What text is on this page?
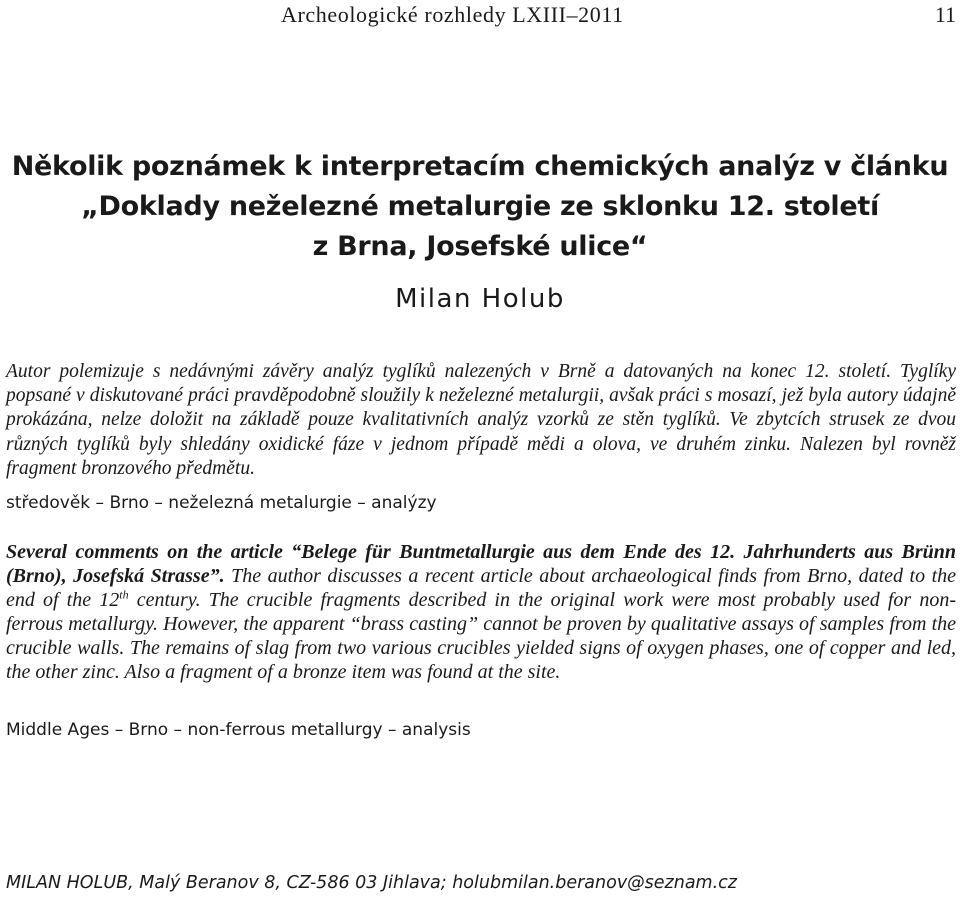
Archeologické rozhledy LXIII–2011	11
Několik poznámek k interpretacím chemických analýz v článku
„Doklady neželezné metalurgie ze sklonku 12. století
z Brna, Josefské ulice“
Milan Holub

Autor polemizuje s nedávnými závěry analýz tyglíků nalezených v Brně a datovaných na konec 12. století. Tyglíky popsané v diskutované práci pravděpodobně sloužily k neželezné metalurgii, avšak práci s mosazí, jež byla autory údajně prokázána, nelze doložit na základě pouze kvalitativních analýz vzorků ze stěn tyglíků. Ve zbytcích strusek ze dvou různých tyglíků byly shledány oxidické fáze v jednom případě mědi a olova, ve druhém zinku. Nalezen byl rovněž fragment bronzového předmětu.

středověk – Brno – neželezná metalurgie – analýzy

Several comments on the article “Belege für Buntmetallurgie aus dem Ende des 12. Jahrhunderts aus Brünn (Brno), Josefská Strasse”. The author discusses a recent article about archaeological finds from Brno, dated to the end of the 12th century. The crucible fragments described in the original work were most probably used for non-ferrous metallurgy. However, the apparent “brass casting” cannot be proven by qualitative assays of samples from the crucible walls. The remains of slag from two various crucibles yielded signs of oxygen phases, one of copper and led, the other zinc. Also a fragment of a bronze item was found at the site.

Middle Ages – Brno – non-ferrous metallurgy – analysis
MILAN HOLUB, Malý Beranov 8, CZ-586 03 Jihlava; holubmilan.beranov@seznam.cz
